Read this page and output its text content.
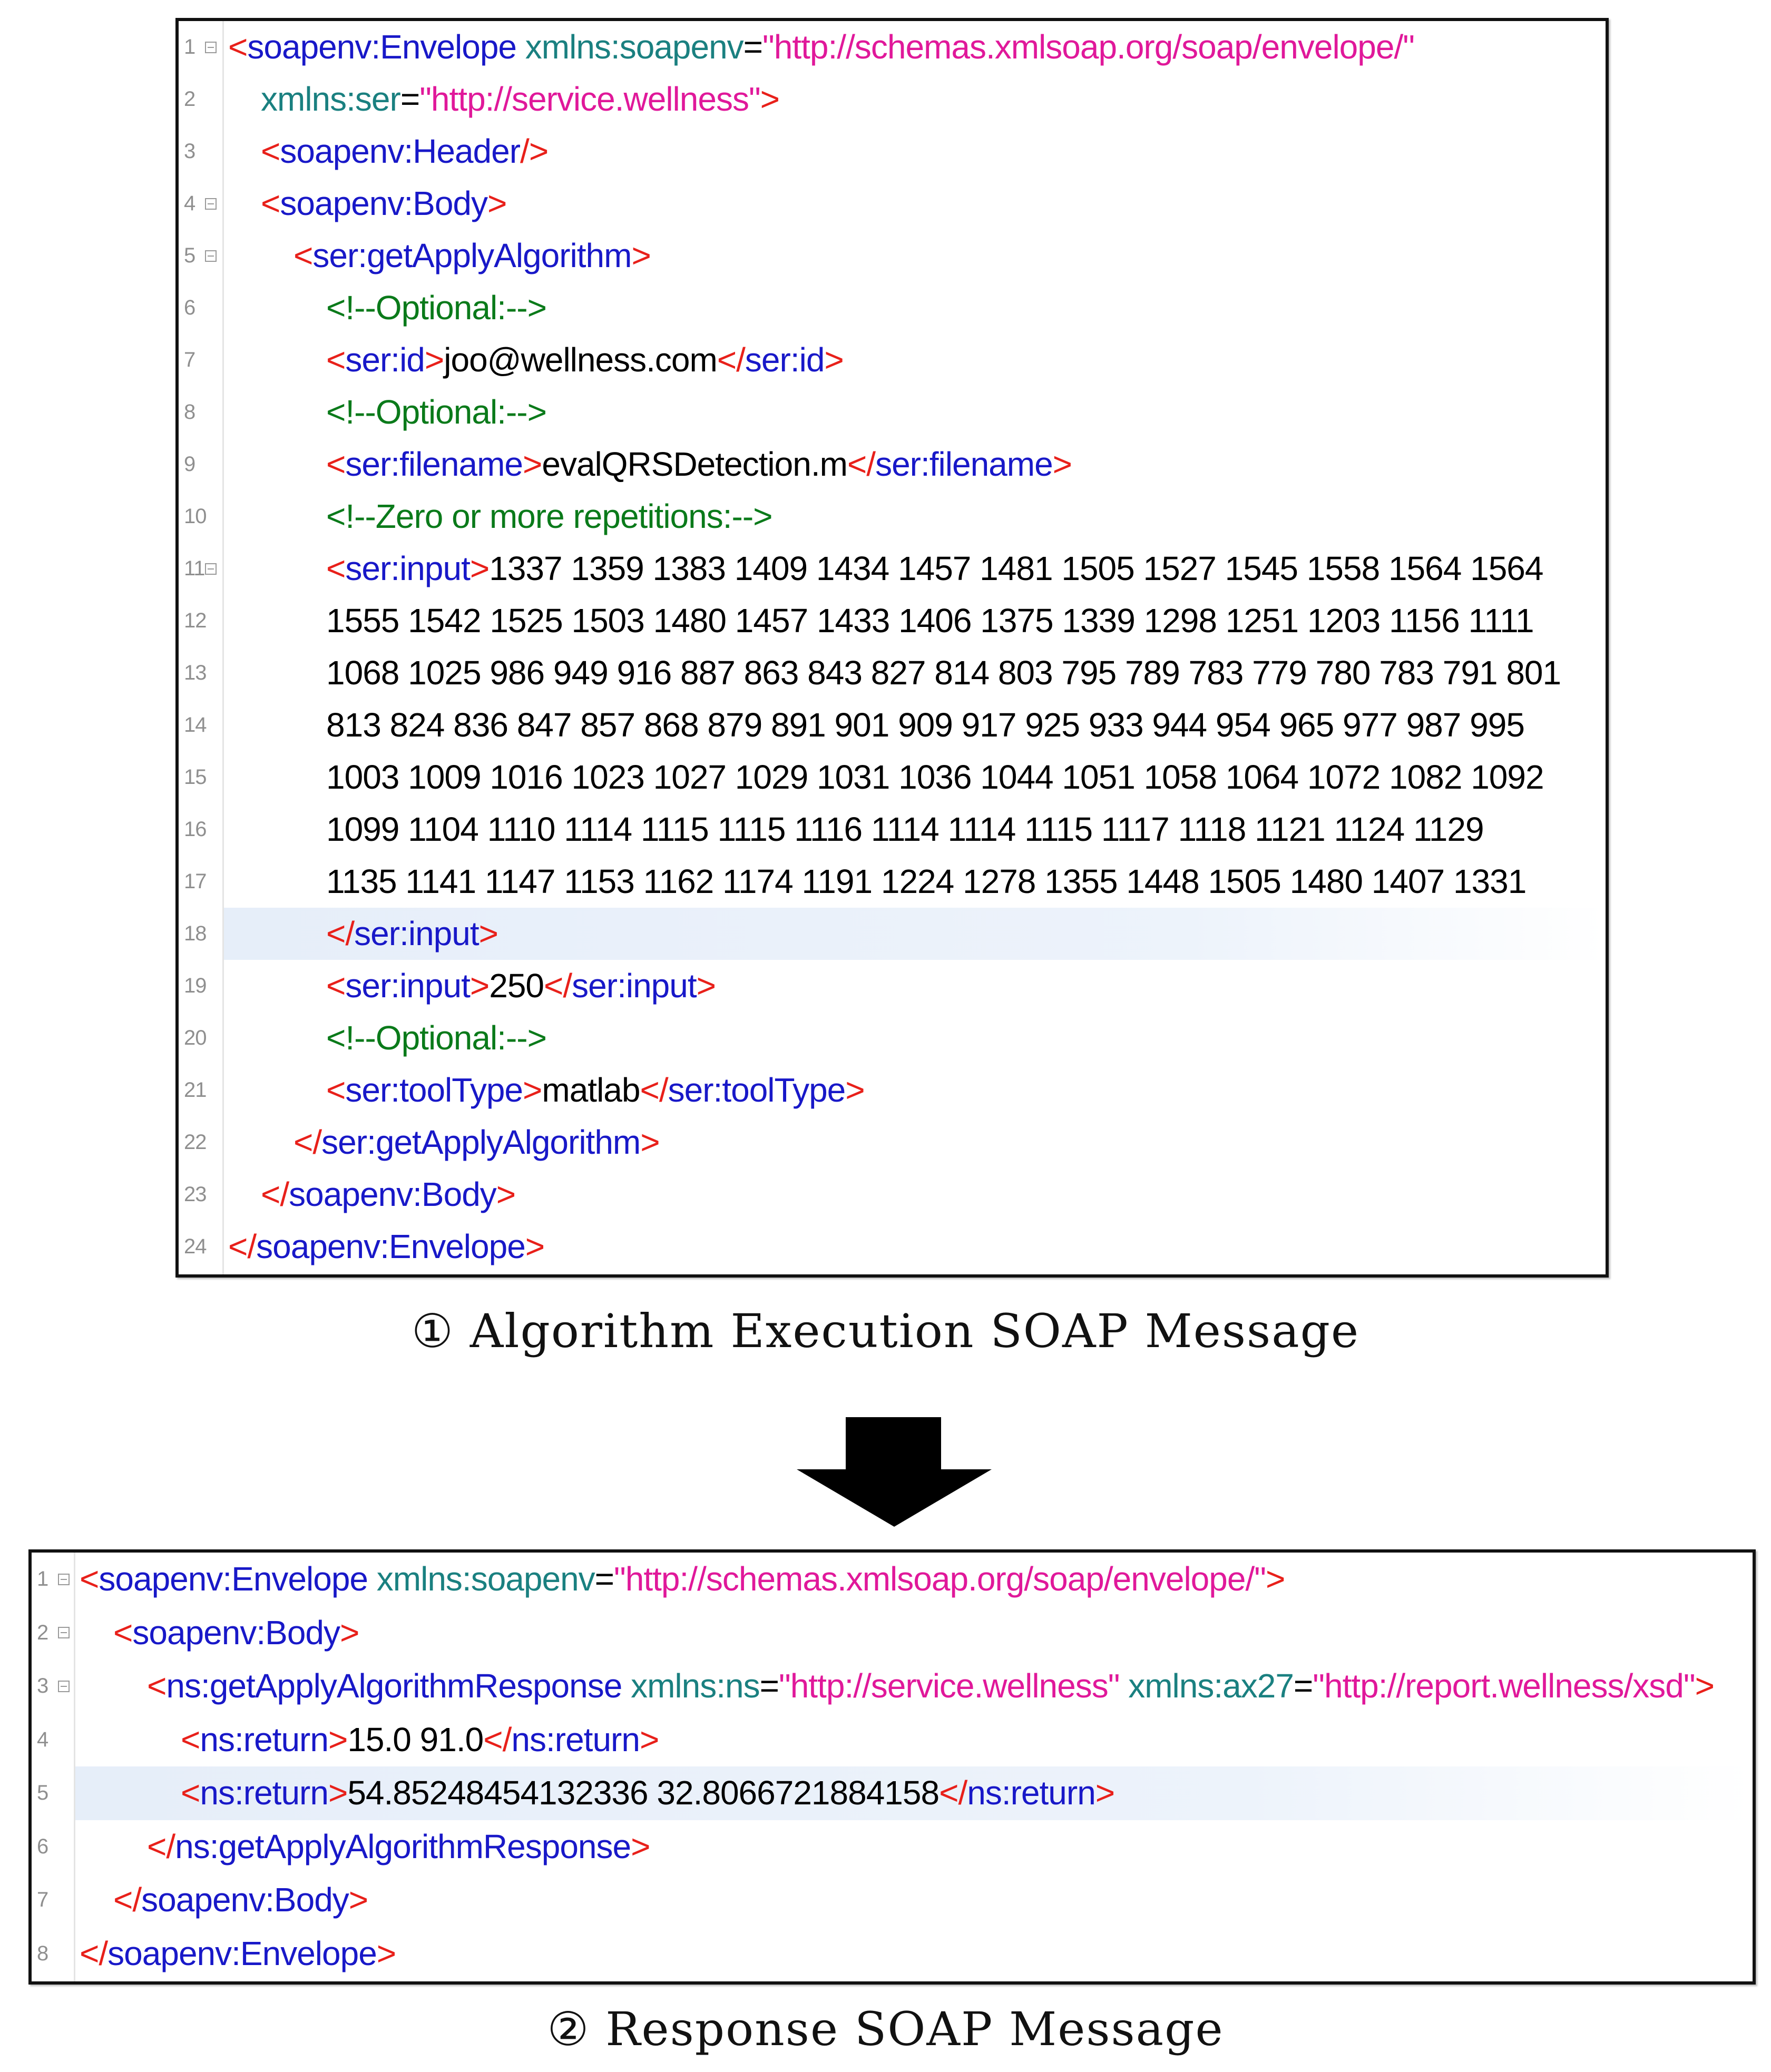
1 <soapenv:Envelope xmlns:soapenv="http://schemas.xmlsoap.org/soap/envelope/"
2	xmlns:ser="http://service.wellness">
3	<soapenv:Header/>
4	<soapenv:Body>
5	<ser:getApplyAlgorithm>
6	<!--Optional:-->
7	<ser:id>joo@wellness.com</ser:id>
8	<!--Optional:-->
9	<ser:filename>evalQRSDetection.m</ser:filename>
10	<!--Zero or more repetitions:-->
11	<ser:input>1337 1359 1383 1409 1434 1457 1481 1505 1527 1545 1558 1564 1564
12	1555 1542 1525 1503 1480 1457 1433 1406 1375 1339 1298 1251 1203 1156 1111
13	1068 1025 986 949 916 887 863 843 827 814 803 795 789 783 779 780 783 791 801
14	813 824 836 847 857 868 879 891 901 909 917 925 933 944 954 965 977 987 995
15	1003 1009 1016 1023 1027 1029 1031 1036 1044 1051 1058 1064 1072 1082 1092
16	1099 1104 1110 1114 1115 1115 1116 1114 1114 1115 1117 1118 1121 1124 1129
17	1135 1141 1147 1153 1162 1174 1191 1224 1278 1355 1448 1505 1480 1407 1331
18	</ser:input>
19	<ser:input>250</ser:input>
20	<!--Optional:-->
21	<ser:toolType>matlab</ser:toolType>
22	</ser:getApplyAlgorithm>
23 </soapenv:Body>
24 </soapenv:Envelope>
① Algorithm Execution SOAP Message
1 <soapenv:Envelope xmlns:soapenv="http://schemas.xmlsoap.org/soap/envelope/">
2	<soapenv:Body>
3	<ns:getApplyAlgorithmResponse xmlns:ns="http://service.wellness" xmlns:ax27="http://report.wellness/xsd">
4	<ns:return>15.0 91.0</ns:return>
5	<ns:return>54.85248454132336 32.8066721884158</ns:return>
6	</ns:getApplyAlgorithmResponse>
7	</soapenv:Body>
8 </soapenv:Envelope>
② Response SOAP Message
